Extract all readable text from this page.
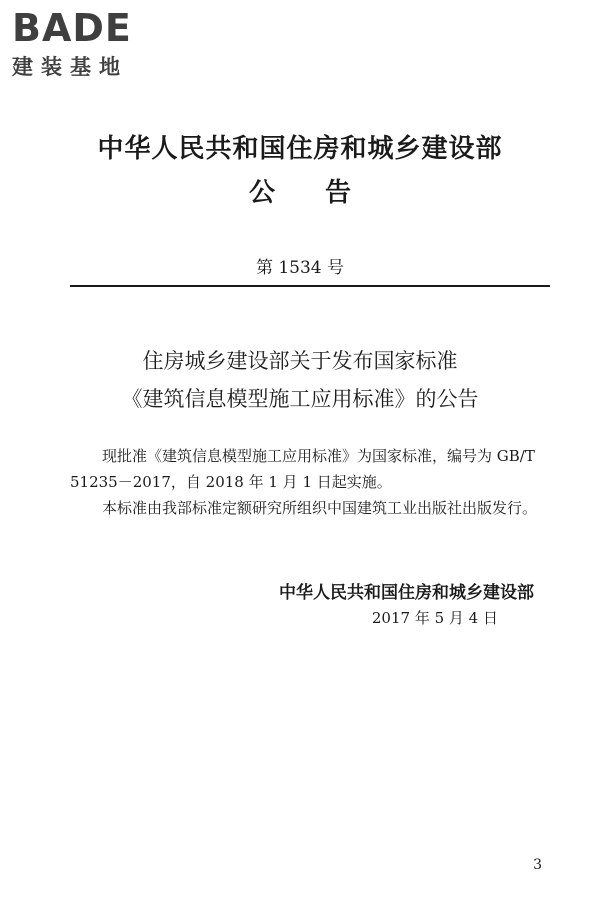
BADE
建装基地
中华人民共和国住房和城乡建设部
公告
第 1534 号
住房城乡建设部关于发布国家标准
《建筑信息模型施工应用标准》的公告

现批准《建筑信息模型施工应用标准》为国家标准，编号为 GB/T 51235－2017，自 2018 年 1 月 1 日起实施。

本标准由我部标准定额研究所组织中国建筑工业出版社出版发行。

中华人民共和国住房和城乡建设部
2017 年 5 月 4 日
3
